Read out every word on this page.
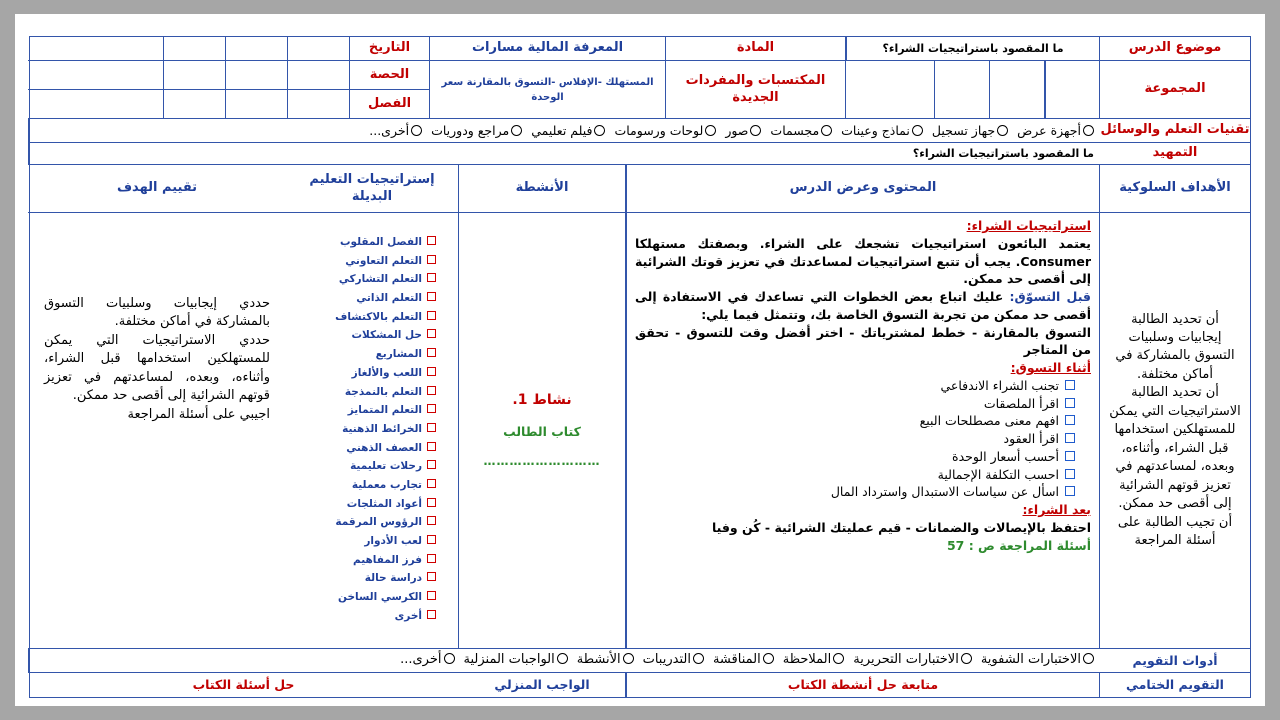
موضوع الدرس
ما المقصود باستراتيجيات الشراء؟
المادة
المعرفة المالية مسارات
التاريخ
المجموعة
المكتسبات والمفردات الجديدة
المستهلك -الإفلاس -التسوق بالمقارنة سعر الوحدة
الحصة
الفصل
تقنيات التعلم والوسائل
أجهزة عرض
جهاز تسجيل
نماذج وعينات
مجسمات
صور
لوحات ورسومات
فيلم تعليمي
مراجع ودوريات
أخرى...
التمهيد
ما المقصود باستراتيجيات الشراء؟
الأهداف السلوكية
المحتوى وعرض الدرس
الأنشطة
إستراتيجيات التعليم البديلة
تقييم الهدف
أن تحديد الطالبة إيجابيات وسلبيات التسوق بالمشاركة في أماكن مختلفة.
أن تحديد الطالبة الاستراتيجيات التي يمكن للمستهلكين استخدامها قبل الشراء، وأثناءه، وبعده، لمساعدتهم في تعزيز قوتهم الشرائية إلى أقصى حد ممكن.
أن تجيب الطالبة على أسئلة المراجعة
استراتيجيات الشراء:
يعتمد البائعون استراتيجيات تشجعك على الشراء. وبصفتك مستهلكا Consumer. يجب أن تتبع استراتيجيات لمساعدتك في تعزيز قوتك الشرائية إلى أقصى حد ممكن.
قبل التسوّق: عليك اتباع بعض الخطوات التي تساعدك في الاستفادة إلى أقصى حد ممكن من تجربة التسوق الخاصة بك، وتتمثل فيما يلي:
التسوق بالمقارنة - خطط لمشترياتك - اختر أفضل وقت للتسوق - تحقق من المتاجر
أثناء التسوق:
تجنب الشراء الاندفاعي
اقرأ الملصقات
افهم معنى مصطلحات البيع
اقرأ العقود
أحسب أسعار الوحدة
احسب التكلفة الإجمالية
اسأل عن سياسات الاستبدال واسترداد المال
بعد الشراء:
احتفظ بالإيصالات والضمانات - قيم عمليتك الشرائية - كُن وفيا
أسئلة المراجعة ص : 57
نشاط 1.
كتاب الطالب
………………………
الفصل المقلوب
التعلم التعاوني
التعلم التشاركي
التعلم الذاتي
التعلم بالاكتشاف
حل المشكلات
المشاريع
اللعب والألغاز
التعلم بالنمذجة
التعلم المتمايز
الخرائط الذهنية
العصف الذهني
رحلات تعليمية
تجارب معملية
أعواد المثلجات
الرؤوس المرقمة
لعب الأدوار
فرز المفاهيم
دراسة حالة
الكرسي الساخن
أخرى
حددي إيجابيات وسلبيات التسوق بالمشاركة في أماكن مختلفة.
حددي الاستراتيجيات التي يمكن للمستهلكين استخدامها قبل الشراء، وأثناءه، وبعده، لمساعدتهم في تعزيز قوتهم الشرائية إلى أقصى حد ممكن.
اجيبي على أسئلة المراجعة
أدوات التقويم
الاختبارات الشفوية
الاختبارات التحريرية
الملاحظة
المناقشة
التدريبات
الأنشطة
الواجبات المنزلية
أخرى...
التقويم الختامي
متابعة حل أنشطة الكتاب
الواجب المنزلي
حل أسئلة الكتاب
